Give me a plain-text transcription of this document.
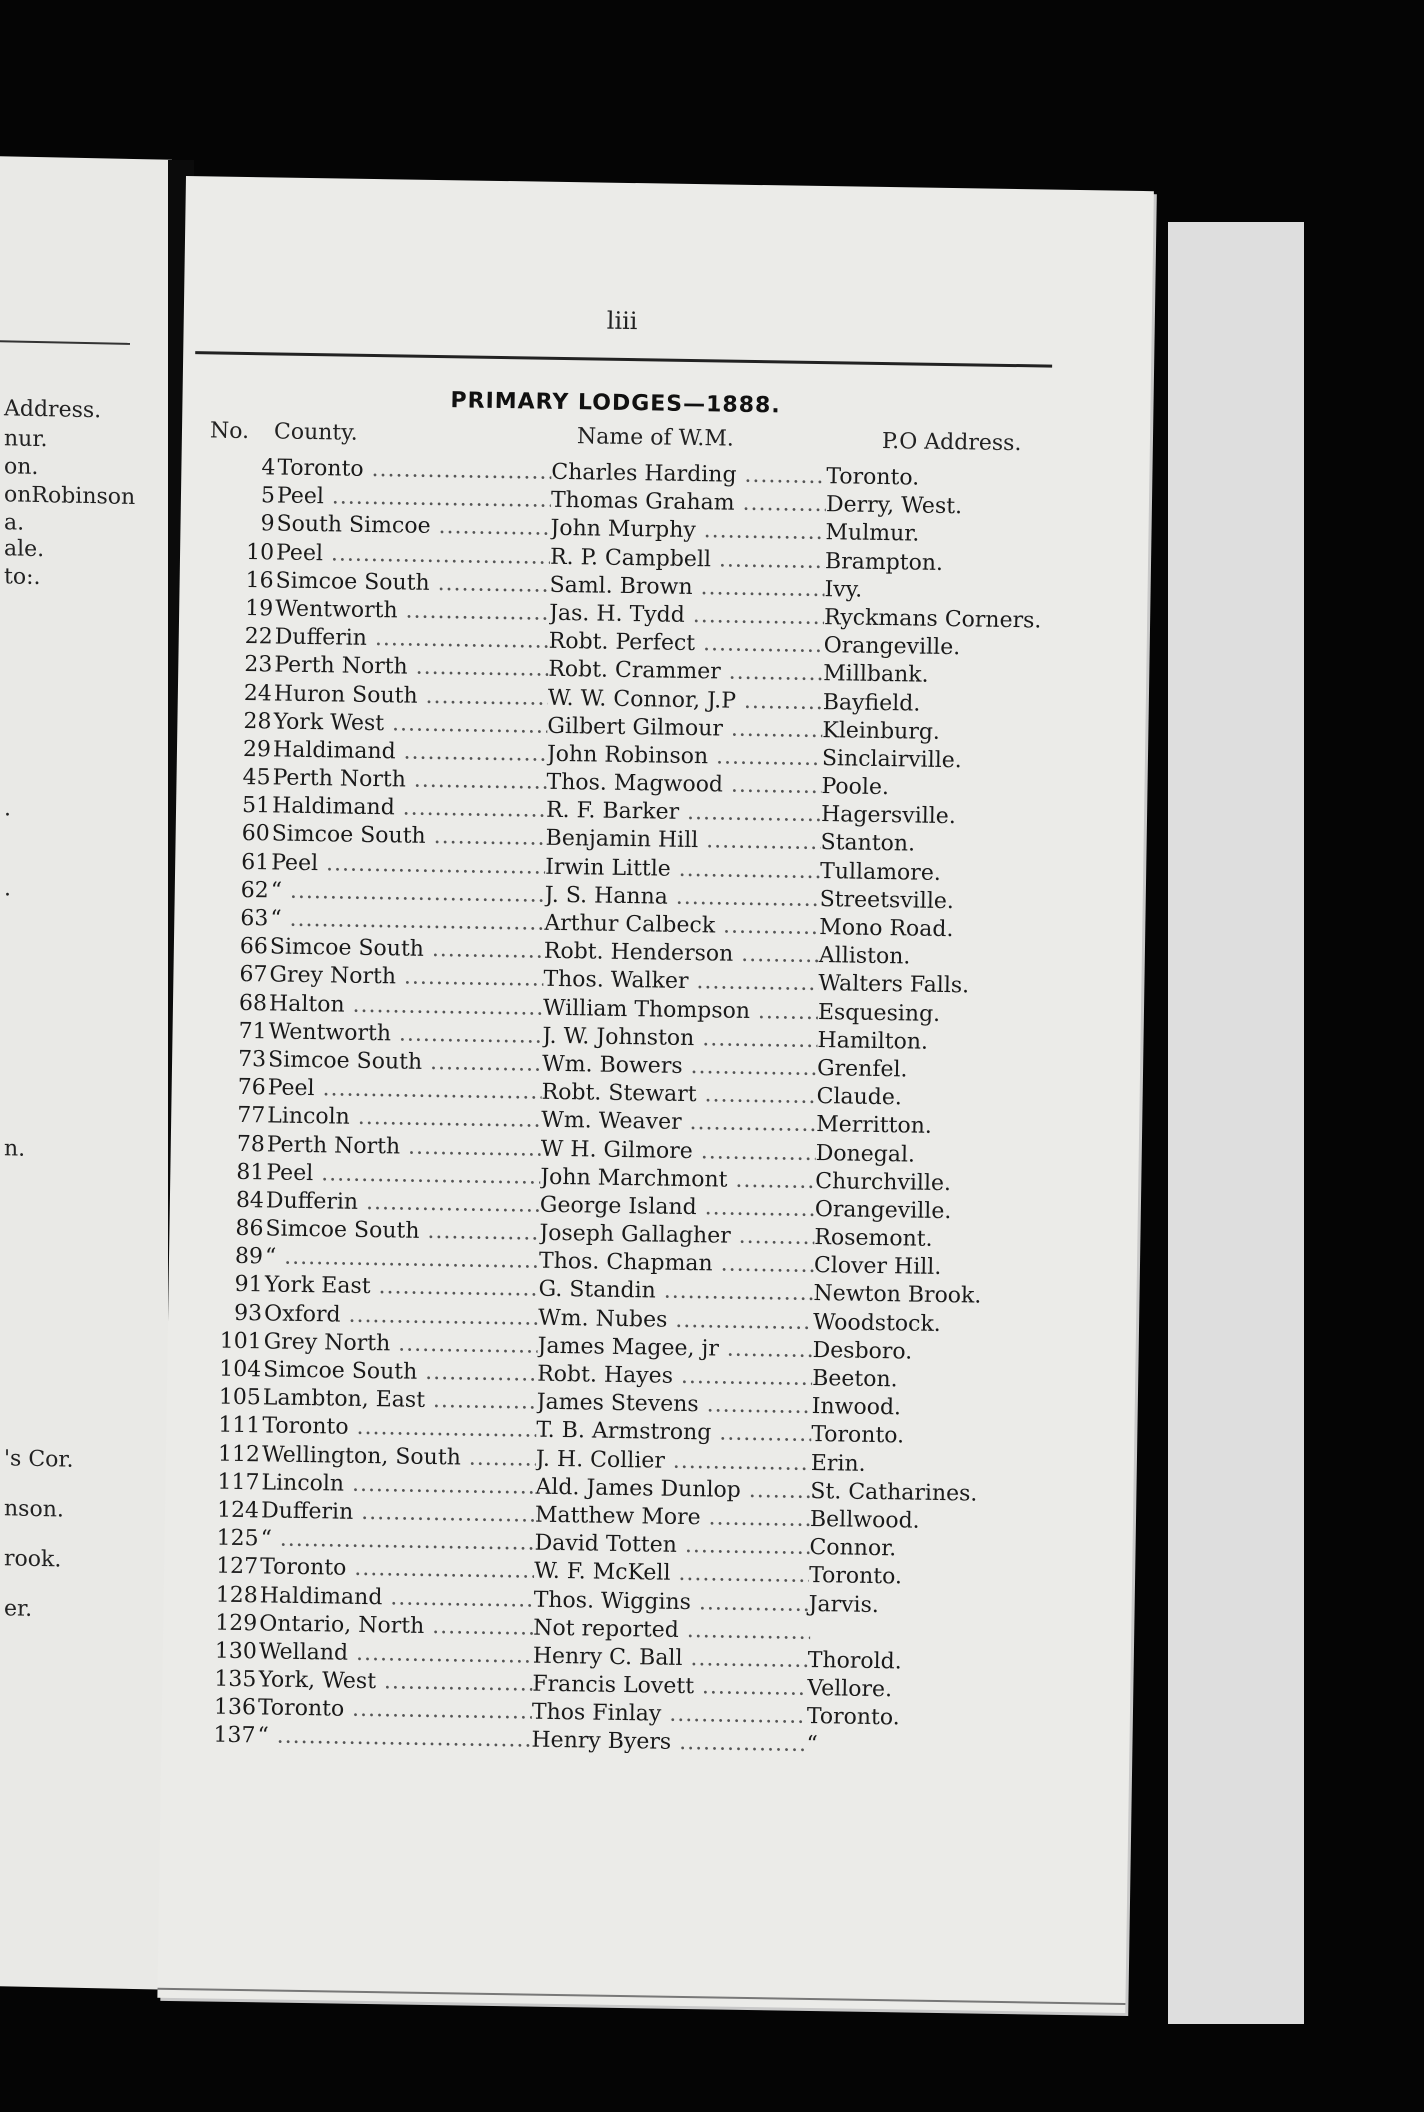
Address.
nur.
on.
onRobinson
a.
ale.
to:.
.
.
n.
's Cor.
nson.
rook.
er.
liii
PRIMARY LODGES—1888.
No. County.	Name of W.M.	P.O Address.
4 Toronto .....	Charles Harding .....	Toronto.
5 Peel .....	Thomas Graham .....	Derry, West.
9 South Simcoe .....	John Murphy .....	Mulmur.
10 Peel .....	R. P. Campbell .....	Brampton.
16 Simcoe South .....	Saml. Brown .....	Ivy.
19 Wentworth .....	Jas. H. Tydd .....	Ryckmans Corners.
22 Dufferin .....	Robt. Perfect .....	Orangeville.
23 Perth North .....	Robt. Crammer .....	Millbank.
24 Huron South .....	W. W. Connor, J.P .....	Bayfield.
28 York West .....	Gilbert Gilmour .....	Kleinburg.
29 Haldimand .....	John Robinson .....	Sinclairville.
45 Perth North .....	Thos. Magwood .....	Poole.
51 Haldimand .....	R. F. Barker .....	Hagersville.
60 Simcoe South .....	Benjamin Hill .....	Stanton.
61 Peel .....	Irwin Little .....	Tullamore.
62 “ .....	J. S. Hanna .....	Streetsville.
63 “ .....	Arthur Calbeck .....	Mono Road.
66 Simcoe South .....	Robt. Henderson .....	Alliston.
67 Grey North .....	Thos. Walker .....	Walters Falls.
68 Halton .....	William Thompson .....	Esquesing.
71 Wentworth .....	J. W. Johnston .....	Hamilton.
73 Simcoe South .....	Wm. Bowers .....	Grenfel.
76 Peel .....	Robt. Stewart .....	Claude.
77 Lincoln .....	Wm. Weaver .....	Merritton.
78 Perth North .....	W H. Gilmore .....	Donegal.
81 Peel .....	John Marchmont .....	Churchville.
84 Dufferin .....	George Island .....	Orangeville.
86 Simcoe South .....	Joseph Gallagher .....	Rosemont.
89 “ .....	Thos. Chapman .....	Clover Hill.
91 York East .....	G. Standin .....	Newton Brook.
93 Oxford .....	Wm. Nubes .....	Woodstock.
101 Grey North .....	James Magee, jr .....	Desboro.
104 Simcoe South .....	Robt. Hayes .....	Beeton.
105 Lambton, East .....	James Stevens .....	Inwood.
111 Toronto .....	T. B. Armstrong .....	Toronto.
112 Wellington, South .....	J. H. Collier .....	Erin.
117 Lincoln .....	Ald. James Dunlop .....	St. Catharines.
124 Dufferin .....	Matthew More .....	Bellwood.
125 “ .....	David Totten .....	Connor.
127 Toronto .....	W. F. McKell .....	Toronto.
128 Haldimand .....	Thos. Wiggins .....	Jarvis.
129 Ontario, North .....	Not reported .....
130 Welland .....	Henry C. Ball .....	Thorold.
135 York, West .....	Francis Lovett .....	Vellore.
136 Toronto .....	Thos Finlay .....	Toronto.
137 “ .....	Henry Byers .....	“
